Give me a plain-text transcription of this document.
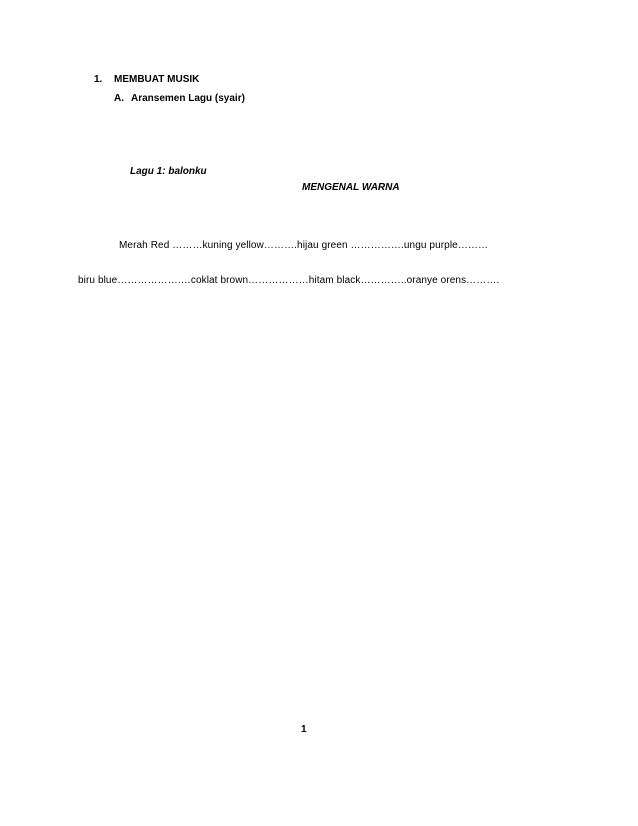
1. MEMBUAT MUSIK
A. Aransemen Lagu (syair)
Lagu 1: balonku
MENGENAL WARNA
Merah Red ………kuning yellow……….hijau green …………….ungu purple………
biru blue……………….…coklat brown………………hitam black…………..oranye orens……….
1
